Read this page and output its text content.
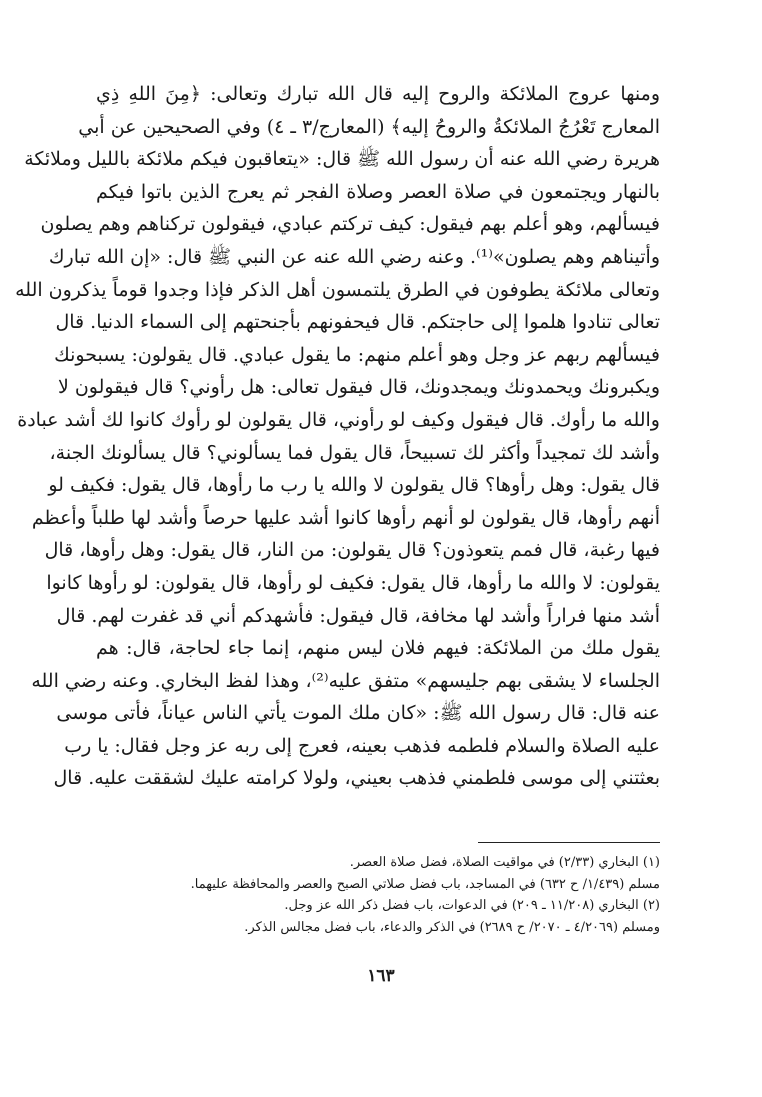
ومنها عروج الملائكة والروح إليه قال الله تبارك وتعالى: ﴿مِنَ اللهِ ذِي
المعارج تَعْرُجُ الملائكةُ والروحُ إليه﴾ (المعارج/٣ ـ ٤) وفي الصحيحين عن أبي
هريرة رضي الله عنه أن رسول الله ﷺ قال: «يتعاقبون فيكم ملائكة بالليل وملائكة
بالنهار ويجتمعون في صلاة العصر وصلاة الفجر ثم يعرج الذين باتوا فيكم
فيسألهم، وهو أعلم بهم فيقول: كيف تركتم عبادي، فيقولون تركناهم وهم يصلون
وأتيناهم وهم يصلون»⁽¹⁾. وعنه رضي الله عنه عن النبي ﷺ قال: «إن الله تبارك
وتعالى ملائكة يطوفون في الطرق يلتمسون أهل الذكر فإذا وجدوا قوماً يذكرون الله
تعالى تنادوا هلموا إلى حاجتكم. قال فيحفونهم بأجنحتهم إلى السماء الدنيا. قال
فيسألهم ربهم عز وجل وهو أعلم منهم: ما يقول عبادي. قال يقولون: يسبحونك
ويكبرونك ويحمدونك ويمجدونك، قال فيقول تعالى: هل رأوني؟ قال فيقولون لا
والله ما رأوك. قال فيقول وكيف لو رأوني، قال يقولون لو رأوك كانوا لك أشد عبادة
وأشد لك تمجيداً وأكثر لك تسبيحاً، قال يقول فما يسألوني؟ قال يسألونك الجنة،
قال يقول: وهل رأوها؟ قال يقولون لا والله يا رب ما رأوها، قال يقول: فكيف لو
أنهم رأوها، قال يقولون لو أنهم رأوها كانوا أشد عليها حرصاً وأشد لها طلباً وأعظم
فيها رغبة، قال فمم يتعوذون؟ قال يقولون: من النار، قال يقول: وهل رأوها، قال
يقولون: لا والله ما رأوها، قال يقول: فكيف لو رأوها، قال يقولون: لو رأوها كانوا
أشد منها فراراً وأشد لها مخافة، قال فيقول: فأشهدكم أني قد غفرت لهم. قال
يقول ملك من الملائكة: فيهم فلان ليس منهم، إنما جاء لحاجة، قال: هم
الجلساء لا يشقى بهم جليسهم» متفق عليه⁽²⁾، وهذا لفظ البخاري. وعنه رضي الله
عنه قال: قال رسول الله ﷺ: «كان ملك الموت يأتي الناس عياناً، فأتى موسى
عليه الصلاة والسلام فلطمه فذهب بعينه، فعرج إلى ربه عز وجل فقال: يا رب
بعثتني إلى موسى فلطمني فذهب بعيني، ولولا كرامته عليك لشققت عليه. قال
(١) البخاري (٢/٣٣) في مواقيت الصلاة، فضل صلاة العصر.
مسلم (١/٤٣٩/ ح ٦٣٢) في المساجد، باب فضل صلاتي الصبح والعصر والمحافظة عليهما.
(٢) البخاري (١١/٢٠٨ ـ ٢٠٩) في الدعوات، باب فضل ذكر الله عز وجل.
ومسلم (٤/٢٠٦٩ ـ ٢٠٧٠/ ح ٢٦٨٩) في الذكر والدعاء، باب فضل مجالس الذكر.
١٦٣
